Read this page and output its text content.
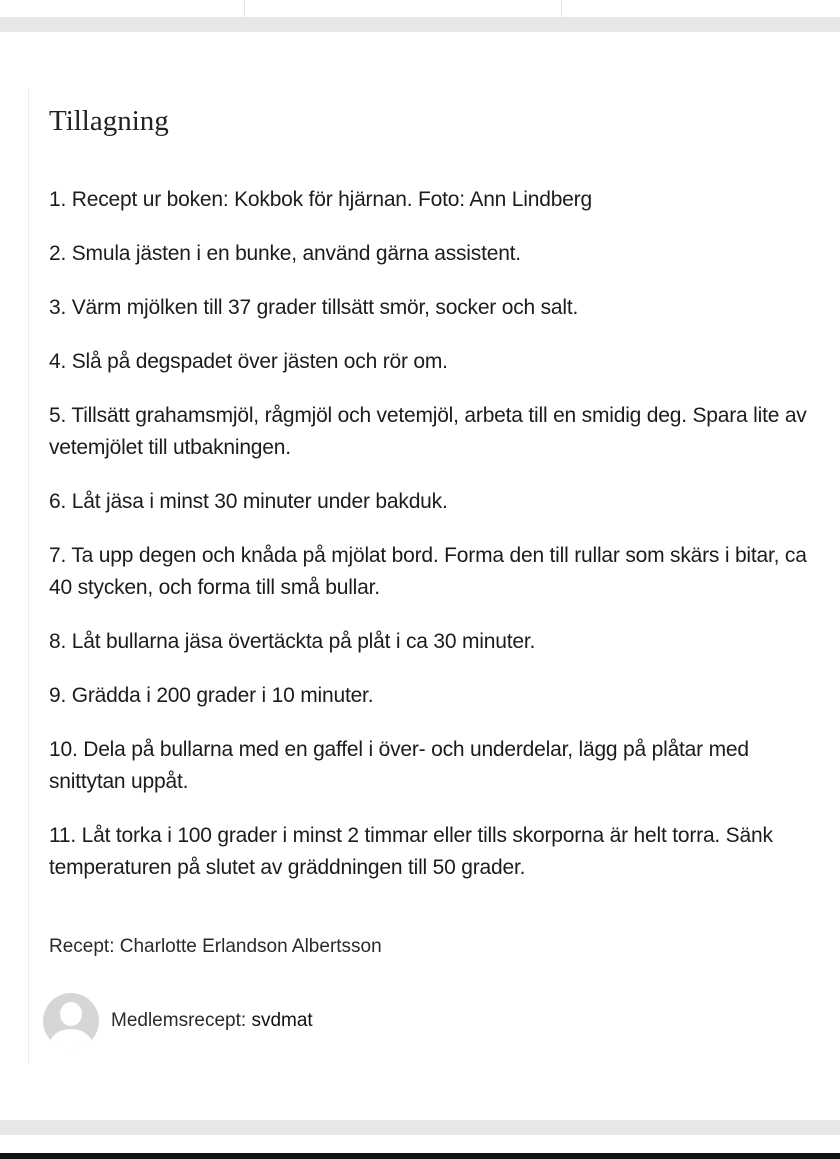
Tillagning
1. Recept ur boken: Kokbok för hjärnan. Foto: Ann Lindberg
2. Smula jästen i en bunke, använd gärna assistent.
3. Värm mjölken till 37 grader tillsätt smör, socker och salt.
4. Slå på degspadet över jästen och rör om.
5. Tillsätt grahamsmjöl, rågmjöl och vetemjöl, arbeta till en smidig deg. Spara lite av vetemjölet till utbakningen.
6. Låt jäsa i minst 30 minuter under bakduk.
7. Ta upp degen och knåda på mjölat bord. Forma den till rullar som skärs i bitar, ca 40 stycken, och forma till små bullar.
8. Låt bullarna jäsa övertäckta på plåt i ca 30 minuter.
9. Grädda i 200 grader i 10 minuter.
10. Dela på bullarna med en gaffel i över- och underdelar, lägg på plåtar med snittytan uppåt.
11. Låt torka i 100 grader i minst 2 timmar eller tills skorporna är helt torra. Sänk temperaturen på slutet av gräddningen till 50 grader.
Recept: Charlotte Erlandson Albertsson
Medlemsrecept: svdmat
